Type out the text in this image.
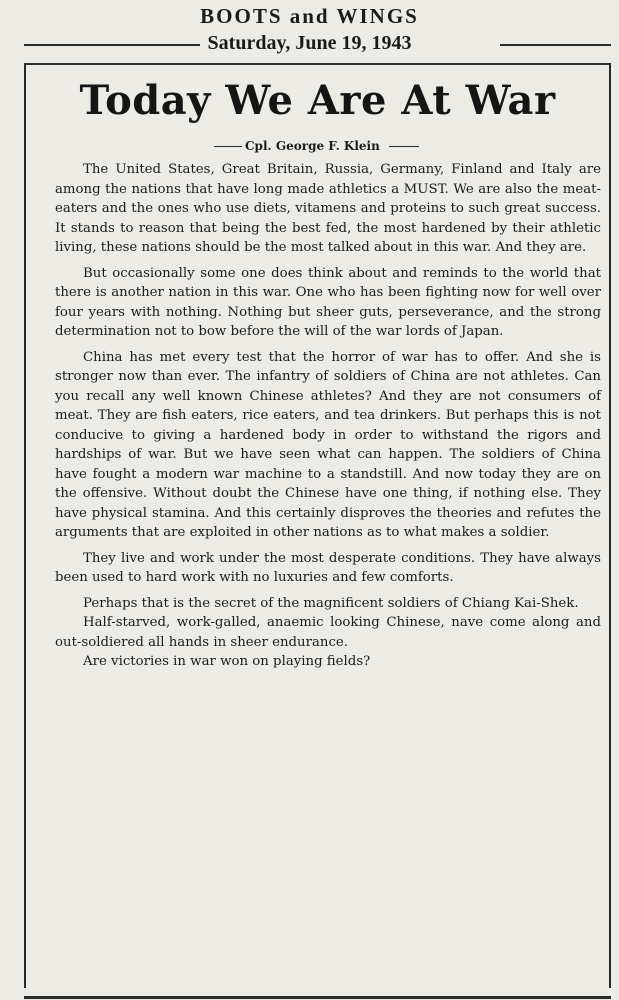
BOOTS and WINGS
Saturday, June 19, 1943
Today We Are At War
Cpl. George F. Klein

The United States, Great Britain, Russia, Germany, Finland and Italy are among the nations that have long made athletics a MUST. We are also the meat-eaters and the ones who use diets, vitamens and proteins to such great success. It stands to reason that being the best fed, the most hardened by their athletic living, these nations should be the most talked about in this war. And they are.

But occasionally some one does think about and reminds to the world that there is another nation in this war. One who has been fighting now for well over four years with nothing. Nothing but sheer guts, perseverance, and the strong determination not to bow before the will of the war lords of Japan.

China has met every test that the horror of war has to offer. And she is stronger now than ever. The infantry of soldiers of China are not athletes. Can you recall any well known Chinese athletes? And they are not consumers of meat. They are fish eaters, rice eaters, and tea drinkers. But perhaps this is not conducive to giving a hardened body in order to withstand the rigors and hardships of war. But we have seen what can happen. The soldiers of China have fought a modern war machine to a standstill. And now today they are on the offensive. Without doubt the Chinese have one thing, if nothing else. They have physical stamina. And this certainly disproves the theories and refutes the arguments that are exploited in other nations as to what makes a soldier.

They live and work under the most desperate conditions. They have always been used to hard work with no luxuries and few comforts.

Perhaps that is the secret of the magnificent soldiers of Chiang Kai-Shek.

Half-starved, work-galled, anaemic looking Chinese, nave come along and out-soldiered all hands in sheer endurance.

Are victories in war won on playing fields?
